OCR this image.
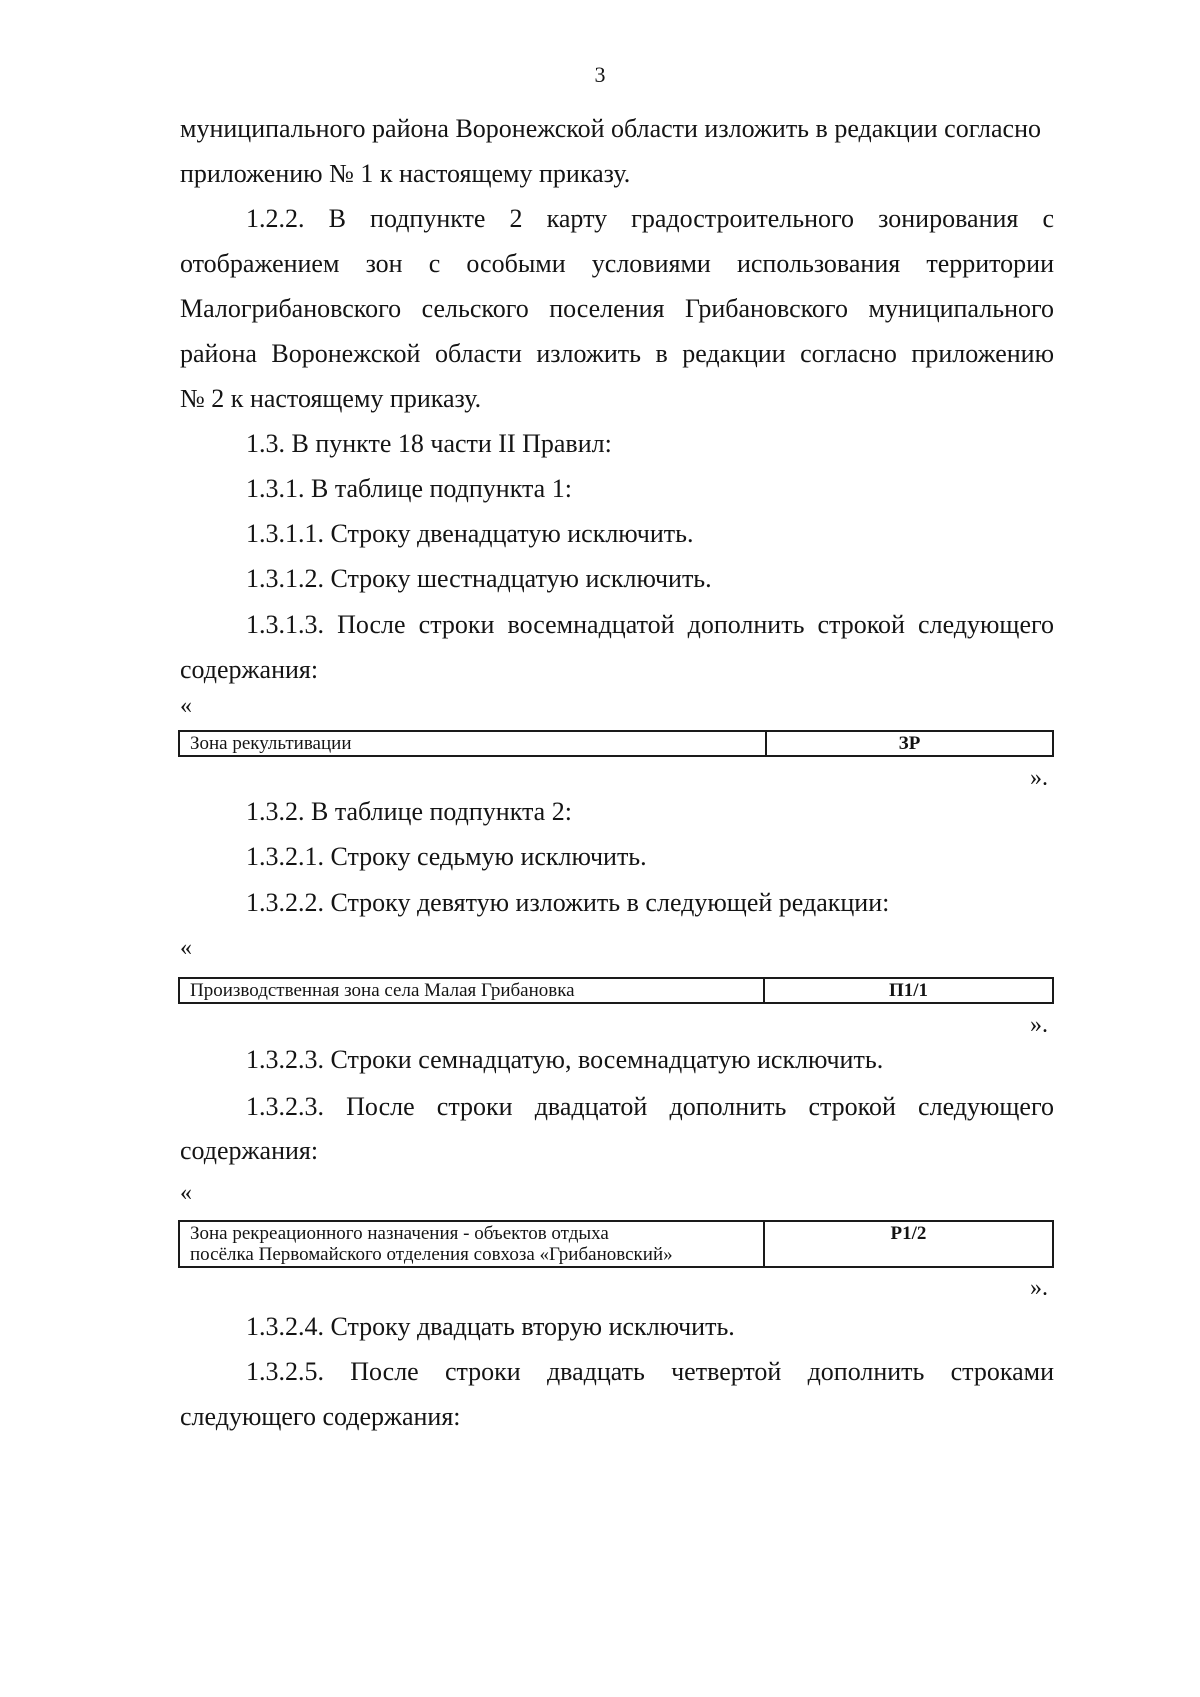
3
муниципального района Воронежской области изложить в редакции согласно
приложению № 1 к настоящему приказу.
1.2.2. В подпункте 2 карту градостроительного зонирования с
отображением зон с особыми условиями использования территории
Малогрибановского сельского поселения Грибановского муниципального
района Воронежской области изложить в редакции согласно приложению
№ 2 к настоящему приказу.
1.3. В пункте 18 части II Правил:
1.3.1. В таблице подпункта 1:
1.3.1.1. Строку двенадцатую исключить.
1.3.1.2. Строку шестнадцатую исключить.
1.3.1.3. После строки восемнадцатой дополнить строкой следующего
содержания:
«
Зона рекультивации	ЗР
».
1.3.2. В таблице подпункта 2:
1.3.2.1. Строку седьмую исключить.
1.3.2.2. Строку девятую изложить в следующей редакции:
«
Производственная зона села Малая Грибановка	П1/1
».
1.3.2.3. Строки семнадцатую, восемнадцатую исключить.
1.3.2.3. После строки двадцатой дополнить строкой следующего
содержания:
«
Зона рекреационного назначения - объектов отдыха
посёлка Первомайского отделения совхоза «Грибановский»
	Р1/2
».
1.3.2.4. Строку двадцать вторую исключить.
1.3.2.5. После строки двадцать четвертой дополнить строками
следующего содержания:
